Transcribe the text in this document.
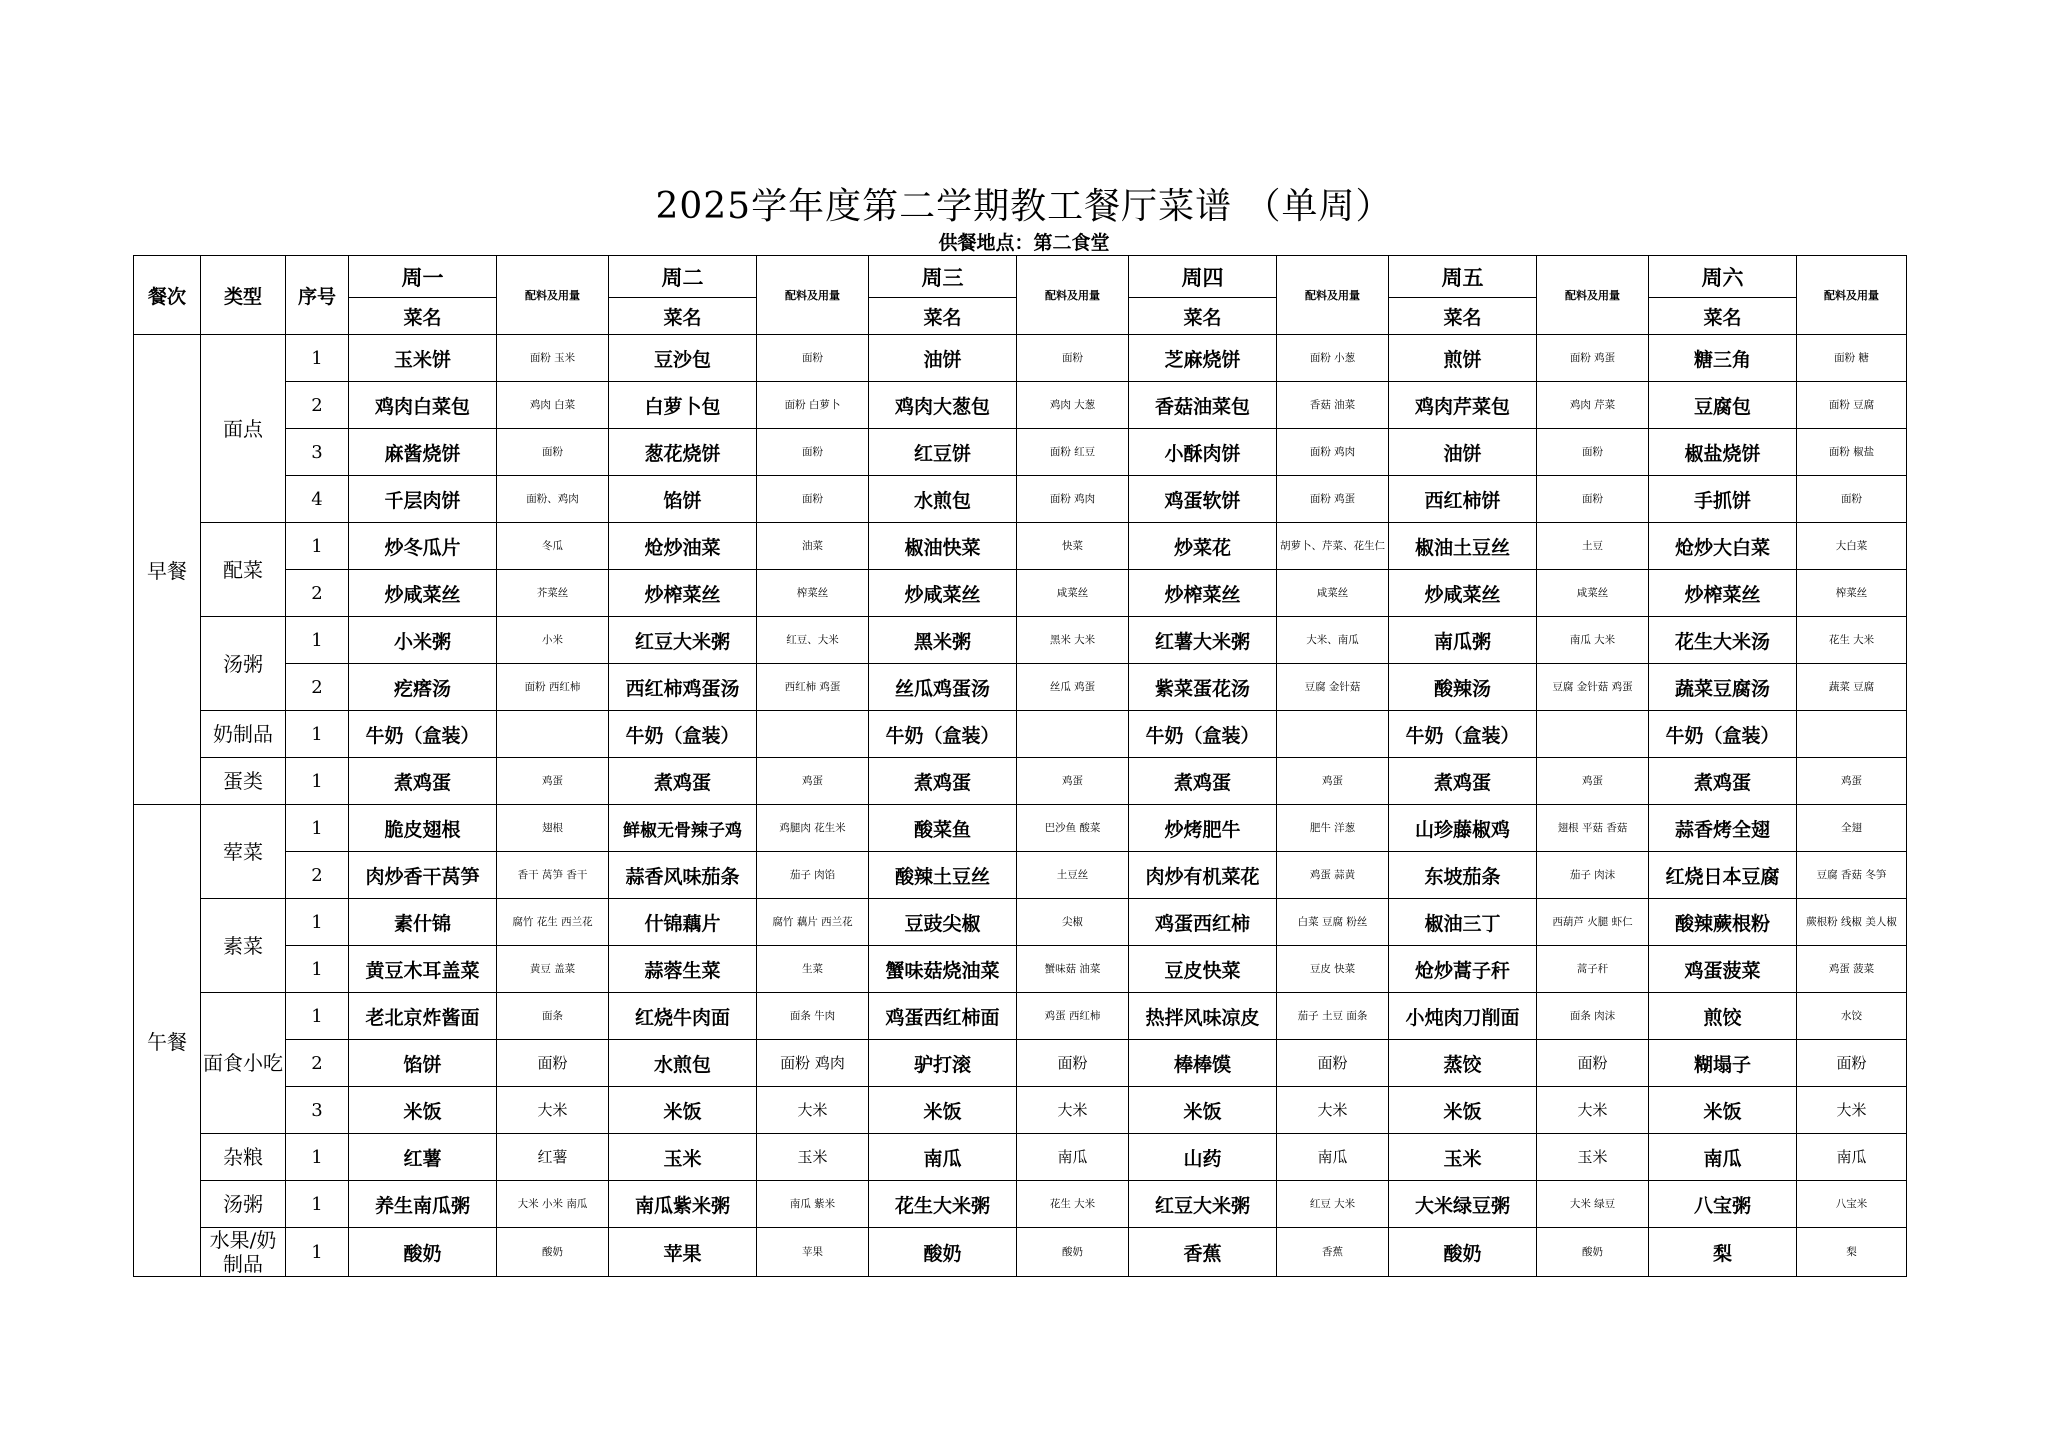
2025学年度第二学期教工餐厅菜谱 （单周）
供餐地点：第二食堂
餐次	类型	序号	周一	配料及用量	周二	配料及用量	周三	配料及用量	周四	配料及用量	周五	配料及用量	周六	配料及用量
			菜名		菜名		菜名		菜名		菜名		菜名	
早餐	面点	1	玉米饼	面粉 玉米	豆沙包	面粉	油饼	面粉	芝麻烧饼	面粉 小葱	煎饼	面粉 鸡蛋	糖三角	面粉 糖
		2	鸡肉白菜包	鸡肉 白菜	白萝卜包	面粉 白萝卜	鸡肉大葱包	鸡肉 大葱	香菇油菜包	香菇 油菜	鸡肉芹菜包	鸡肉 芹菜	豆腐包	面粉 豆腐
		3	麻酱烧饼	面粉	葱花烧饼	面粉	红豆饼	面粉 红豆	小酥肉饼	面粉 鸡肉	油饼	面粉	椒盐烧饼	面粉 椒盐
		4	千层肉饼	面粉、鸡肉	馅饼	面粉	水煎包	面粉 鸡肉	鸡蛋软饼	面粉 鸡蛋	西红柿饼	面粉	手抓饼	面粉
	配菜	1	炒冬瓜片	冬瓜	炝炒油菜	油菜	椒油快菜	快菜	炒菜花	胡萝卜、芹菜、花生仁	椒油土豆丝	土豆	炝炒大白菜	大白菜
		2	炒咸菜丝	芥菜丝	炒榨菜丝	榨菜丝	炒咸菜丝	咸菜丝	炒榨菜丝	咸菜丝	炒咸菜丝	咸菜丝	炒榨菜丝	榨菜丝
	汤粥	1	小米粥	小米	红豆大米粥	红豆、大米	黑米粥	黑米 大米	红薯大米粥	大米、南瓜	南瓜粥	南瓜 大米	花生大米汤	花生 大米
		2	疙瘩汤	面粉 西红柿	西红柿鸡蛋汤	西红柿 鸡蛋	丝瓜鸡蛋汤	丝瓜 鸡蛋	紫菜蛋花汤	豆腐 金针菇	酸辣汤	豆腐 金针菇 鸡蛋	蔬菜豆腐汤	蔬菜 豆腐
	奶制品	1	牛奶（盒装）		牛奶（盒装）		牛奶（盒装）		牛奶（盒装）		牛奶（盒装）		牛奶（盒装）	
	蛋类	1	煮鸡蛋	鸡蛋	煮鸡蛋	鸡蛋	煮鸡蛋	鸡蛋	煮鸡蛋	鸡蛋	煮鸡蛋	鸡蛋	煮鸡蛋	鸡蛋
午餐	荤菜	1	脆皮翅根	翅根	鲜椒无骨辣子鸡	鸡腿肉 花生米	酸菜鱼	巴沙鱼 酸菜	炒烤肥牛	肥牛 洋葱	山珍藤椒鸡	翅根 平菇 香菇	蒜香烤全翅	全翅
		2	肉炒香干莴笋	香干 莴笋 香干	蒜香风味茄条	茄子 肉馅	酸辣土豆丝	土豆丝	肉炒有机菜花	鸡蛋 蒜黄	东坡茄条	茄子 肉沫	红烧日本豆腐	豆腐 香菇 冬笋
	素菜	1	素什锦	腐竹 花生 西兰花	什锦藕片	腐竹 藕片 西兰花	豆豉尖椒	尖椒	鸡蛋西红柿	白菜 豆腐 粉丝	椒油三丁	西葫芦 火腿 虾仁	酸辣蕨根粉	蕨根粉 线椒 美人椒
		1	黄豆木耳盖菜	黄豆 盖菜	蒜蓉生菜	生菜	蟹味菇烧油菜	蟹味菇 油菜	豆皮快菜	豆皮 快菜	炝炒蒿子秆	蒿子秆	鸡蛋菠菜	鸡蛋 菠菜
	面食小吃	1	老北京炸酱面	面条	红烧牛肉面	面条 牛肉	鸡蛋西红柿面	鸡蛋 西红柿	热拌风味凉皮	茄子 土豆 面条	小炖肉刀削面	面条 肉沫	煎饺	水饺
		2	馅饼	面粉	水煎包	面粉 鸡肉	驴打滚	面粉	棒棒馍	面粉	蒸饺	面粉	糊塌子	面粉
		3	米饭	大米	米饭	大米	米饭	大米	米饭	大米	米饭	大米	米饭	大米
	杂粮	1	红薯	红薯	玉米	玉米	南瓜	南瓜	山药	南瓜	玉米	玉米	南瓜	南瓜
	汤粥	1	养生南瓜粥	大米 小米 南瓜	南瓜紫米粥	南瓜 紫米	花生大米粥	花生 大米	红豆大米粥	红豆 大米	大米绿豆粥	大米 绿豆	八宝粥	八宝米
	水果/奶制品	1	酸奶	酸奶	苹果	苹果	酸奶	酸奶	香蕉	香蕉	酸奶	酸奶	梨	梨
